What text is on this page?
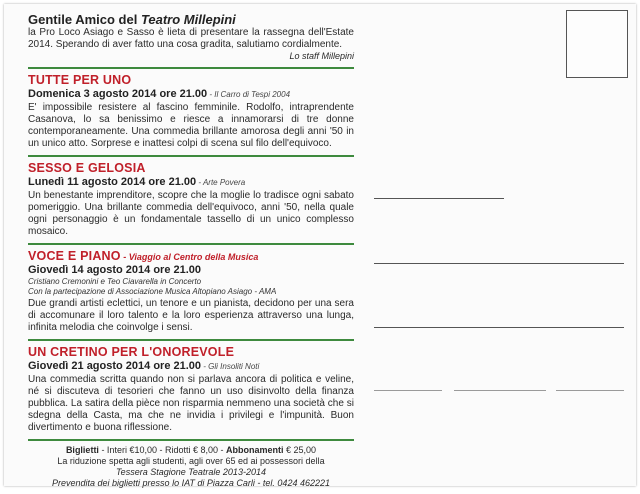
Gentile Amico del Teatro Millepini
la Pro Loco Asiago e Sasso è lieta di presentare la rassegna dell'Estate 2014. Sperando di aver fatto una cosa gradita, salutiamo cordialmente.
Lo staff Millepini
TUTTE PER UNO
Domenica 3 agosto 2014 ore 21.00 - Il Carro di Tespi 2004
E' impossibile resistere al fascino femminile. Rodolfo, intraprendente Casanova, lo sa benissimo e riesce a innamorarsi di tre donne contemporaneamente. Una commedia brillante amorosa degli anni '50 in un unico atto. Sorprese e inattesi colpi di scena sul filo dell'equivoco.
SESSO E GELOSIA
Lunedì 11 agosto 2014 ore 21.00 - Arte Povera
Un benestante imprenditore, scopre che la moglie lo tradisce ogni sabato pomeriggio. Una brillante commedia dell'equivoco, anni '50, nella quale ogni personaggio è un fondamentale tassello di un unico complesso mosaico.
VOCE E PIANO - Viaggio al Centro della Musica
Giovedì 14 agosto 2014 ore 21.00
Cristiano Cremonini e Teo Ciavarella in Concerto
Con la partecipazione di Associazione Musica Altopiano Asiago - AMA
Due grandi artisti eclettici, un tenore e un pianista, decidono per una sera di accomunare il loro talento e la loro esperienza attraverso una lunga, infinita melodia che coinvolge i sensi.
UN CRETINO PER L'ONOREVOLE
Giovedì 21 agosto 2014 ore 21.00 - Gli Insoliti Noti
Una commedia scritta quando non si parlava ancora di politica e veline, né si discuteva di tesorieri che fanno un uso disinvolto della finanza pubblica. La satira della pièce non risparmia nemmeno una società che si sdegna della Casta, ma che ne invidia i privilegi e l'impunità. Buon divertimento e buona riflessione.
Biglietti - Interi €10,00 - Ridotti € 8,00 - Abbonamenti € 25,00
La riduzione spetta agli studenti, agli over 65 ed ai possessori della
Tessera Stagione Teatrale 2013-2014
Prevendita dei biglietti presso lo IAT di Piazza Carli - tel. 0424 462221
